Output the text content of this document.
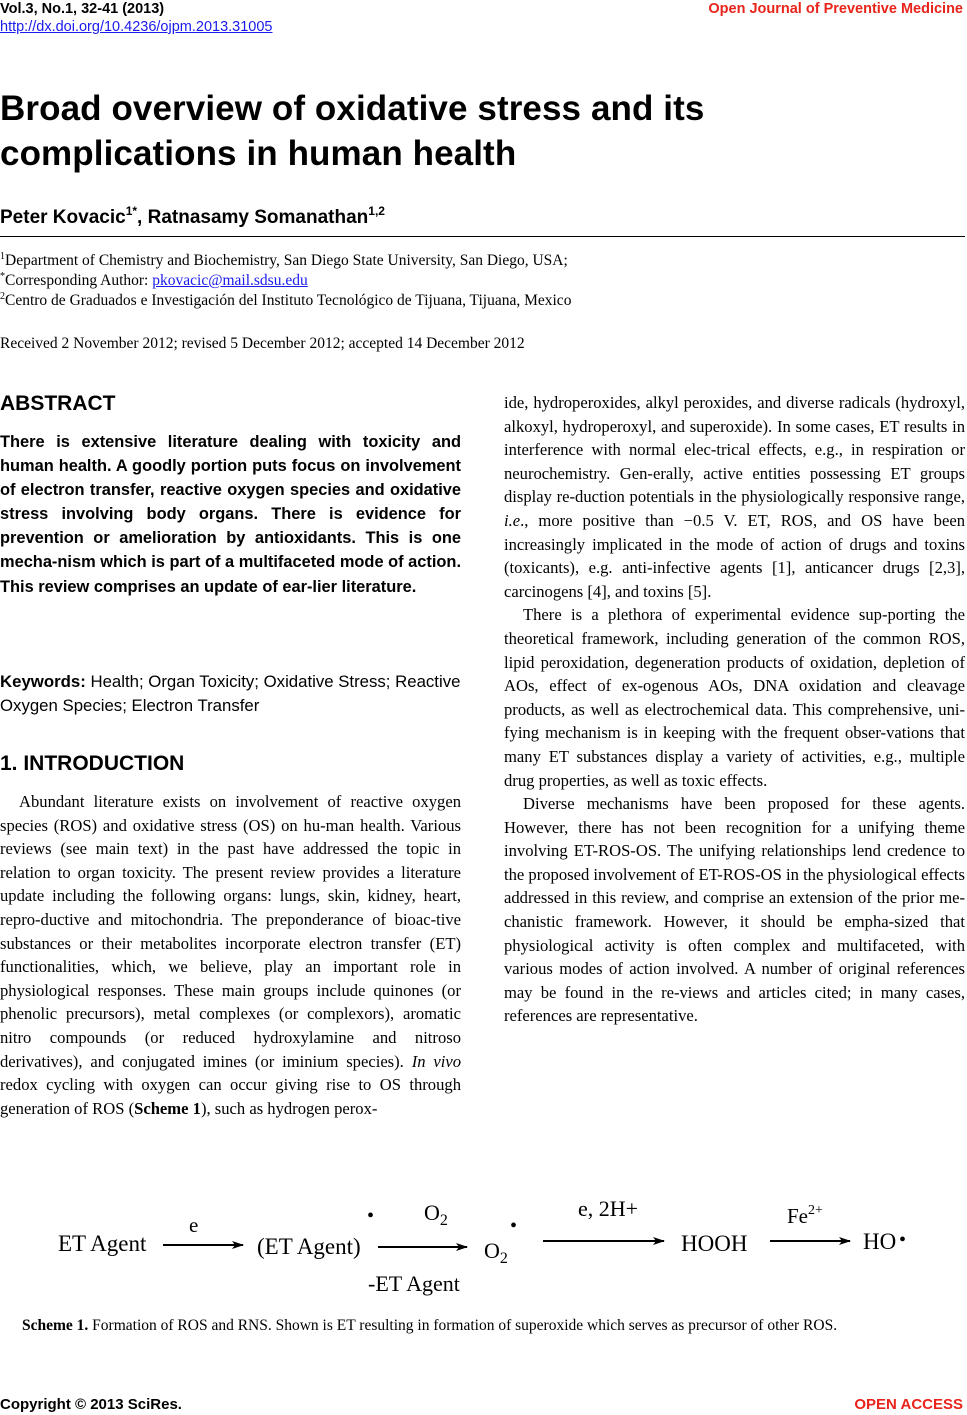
Vol.3, No.1, 32-41 (2013)
http://dx.doi.org/10.4236/ojpm.2013.31005
Open Journal of Preventive Medicine
Broad overview of oxidative stress and its
complications in human health
Peter Kovacic$^{1*}$, Ratnasamy Somanathan$^{1,2}$
$^1$Department of Chemistry and Biochemistry, San Diego State University, San Diego, USA;
*Corresponding Author: pkovacic@mail.sdsu.edu
$^2$Centro de Graduados e Investigación del Instituto Tecnológico de Tijuana, Tijuana, Mexico
Received 2 November 2012; revised 5 December 2012; accepted 14 December 2012
ABSTRACT
There is extensive literature dealing with toxicity and human health. A goodly portion puts focus on involvement of electron transfer, reactive oxygen species and oxidative stress involving body organs. There is evidence for prevention or amelioration by antioxidants. This is one mecha-nism which is part of a multifaceted mode of action. This review comprises an update of ear-lier literature.
Keywords: Health; Organ Toxicity; Oxidative Stress; Reactive Oxygen Species; Electron Transfer
1. INTRODUCTION

Abundant literature exists on involvement of reactive oxygen species (ROS) and oxidative stress (OS) on hu-man health. Various reviews (see main text) in the past have addressed the topic in relation to organ toxicity. The present review provides a literature update including the following organs: lungs, skin, kidney, heart, repro-ductive and mitochondria. The preponderance of bioac-tive substances or their metabolites incorporate electron transfer (ET) functionalities, which, we believe, play an important role in physiological responses. These main groups include quinones (or phenolic precursors), metal complexes (or complexors), aromatic nitro compounds (or reduced hydroxylamine and nitroso derivatives), and conjugated imines (or iminium species). In vivo redox cycling with oxygen can occur giving rise to OS through generation of ROS (Scheme 1), such as hydrogen perox-

ide, hydroperoxides, alkyl peroxides, and diverse radicals (hydroxyl, alkoxyl, hydroperoxyl, and superoxide). In some cases, ET results in interference with normal elec-trical effects, e.g., in respiration or neurochemistry. Gen-erally, active entities possessing ET groups display re-duction potentials in the physiologically responsive range, i.e., more positive than −0.5 V. ET, ROS, and OS have been increasingly implicated in the mode of action of drugs and toxins (toxicants), e.g. anti-infective agents [1], anticancer drugs [2,3], carcinogens [4], and toxins [5].

There is a plethora of experimental evidence sup-porting the theoretical framework, including generation of the common ROS, lipid peroxidation, degeneration products of oxidation, depletion of AOs, effect of ex-ogenous AOs, DNA oxidation and cleavage products, as well as electrochemical data. This comprehensive, uni-fying mechanism is in keeping with the frequent obser-vations that many ET substances display a variety of activities, e.g., multiple drug properties, as well as toxic effects.

Diverse mechanisms have been proposed for these agents. However, there has not been recognition for a unifying theme involving ET-ROS-OS. The unifying relationships lend credence to the proposed involvement of ET-ROS-OS in the physiological effects addressed in this review, and comprise an extension of the prior me-chanistic framework. However, it should be empha-sized that physiological activity is often complex and multifaceted, with various modes of action involved. A number of original references may be found in the re-views and articles cited; in many cases, references are representative.

ET Agent
e
(ET Agent)
• $O_2$
-ET Agent
•
$O_2$
e, 2H+
HOOH
$Fe^{2+}$
HO •
Scheme 1. Formation of ROS and RNS. Shown is ET resulting in formation of superoxide which serves as precursor of other ROS.
Copyright © 2013 SciRes.	OPEN ACCESS
